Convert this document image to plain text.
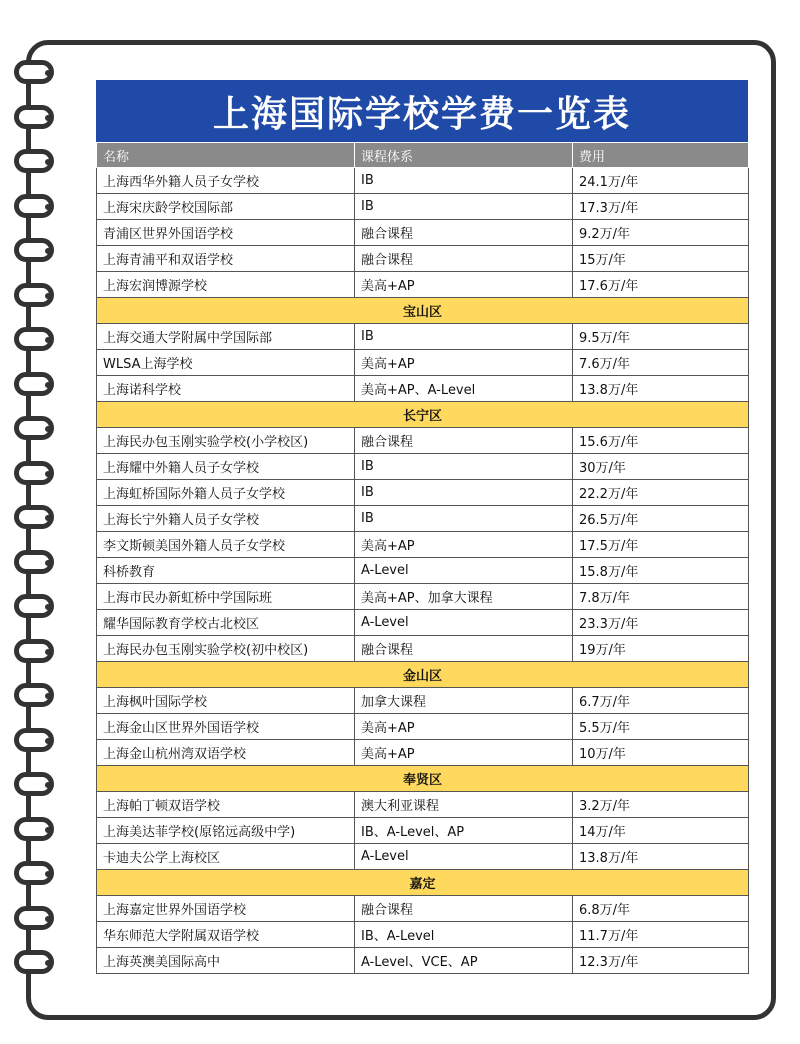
上海国际学校学费一览表
名称	课程体系	费用
上海西华外籍人员子女学校	IB	24.1万/年
上海宋庆龄学校国际部	IB	17.3万/年
青浦区世界外国语学校	融合课程	9.2万/年
上海青浦平和双语学校	融合课程	15万/年
上海宏润博源学校	美高+AP	17.6万/年
宝山区		
上海交通大学附属中学国际部	IB	9.5万/年
WLSA上海学校	美高+AP	7.6万/年
上海诺科学校	美高+AP、A-Level	13.8万/年
长宁区		
上海民办包玉刚实验学校(小学校区)	融合课程	15.6万/年
上海耀中外籍人员子女学校	IB	30万/年
上海虹桥国际外籍人员子女学校	IB	22.2万/年
上海长宁外籍人员子女学校	IB	26.5万/年
李文斯顿美国外籍人员子女学校	美高+AP	17.5万/年
科桥教育	A-Level	15.8万/年
上海市民办新虹桥中学国际班	美高+AP、加拿大课程	7.8万/年
耀华国际教育学校古北校区	A-Level	23.3万/年
上海民办包玉刚实验学校(初中校区)	融合课程	19万/年
金山区		
上海枫叶国际学校	加拿大课程	6.7万/年
上海金山区世界外国语学校	美高+AP	5.5万/年
上海金山杭州湾双语学校	美高+AP	10万/年
奉贤区		
上海帕丁顿双语学校	澳大利亚课程	3.2万/年
上海美达菲学校(原铭远高级中学)	IB、A-Level、AP	14万/年
卡迪夫公学上海校区	A-Level	13.8万/年
嘉定		
上海嘉定世界外国语学校	融合课程	6.8万/年
华东师范大学附属双语学校	IB、A-Level	11.7万/年
上海英澳美国际高中	A-Level、VCE、AP	12.3万/年
